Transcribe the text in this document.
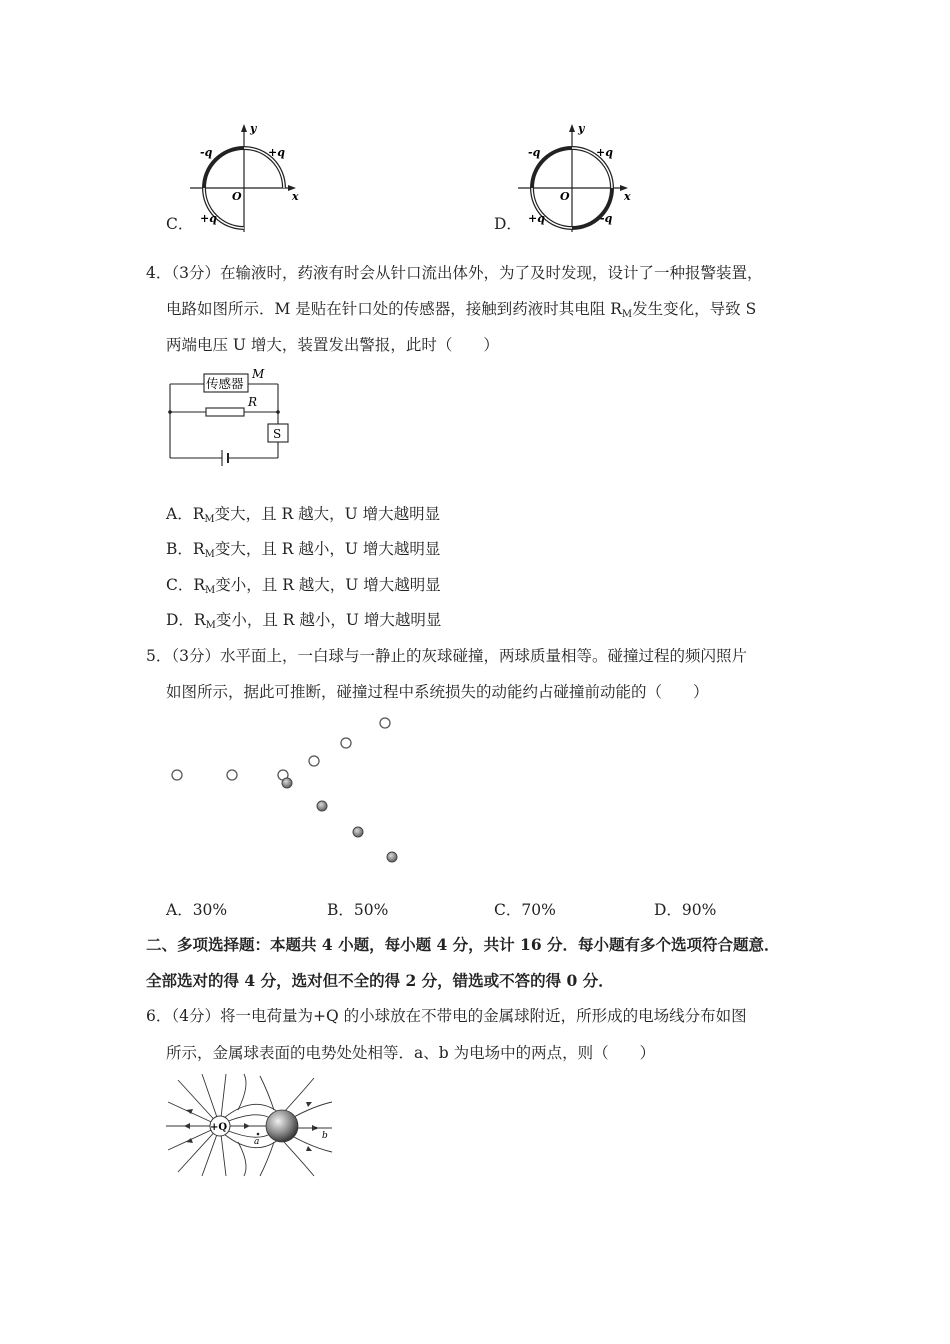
y
x
O
-q	+q
+q
C．
y
x
O
-q	+q
+q	-q
D．
4．（3分）在输液时，药液有时会从针口流出体外，为了及时发现，设计了一种报警装置，
电路如图所示．M 是贴在针口处的传感器，接触到药液时其电阻 $R_M$发生变化，导致 S
两端电压 U 增大，装置发出警报，此时（　　）
传感器
M
R
S
A．$R_M$变大，且 R 越大，U 增大越明显
B．$R_M$变大，且 R 越小，U 增大越明显
C．$R_M$变小，且 R 越大，U 增大越明显
D．$R_M$变小，且 R 越小，U 增大越明显
5．（3分）水平面上，一白球与一静止的灰球碰撞，两球质量相等。碰撞过程的频闪照片
如图所示，据此可推断，碰撞过程中系统损失的动能约占碰撞前动能的（　　）
A．30%	B．50%	C．70%	D．90%
二、多项选择题：本题共 4 小题，每小题 4 分，共计 16 分．每小题有多个选项符合题意．
全部选对的得 4 分，选对但不全的得 2 分，错选或不答的得 0 分．
6．（4分）将一电荷量为+Q 的小球放在不带电的金属球附近，所形成的电场线分布如图
所示，金属球表面的电势处处相等．a、b 为电场中的两点，则（　　）
+Q
a
b
